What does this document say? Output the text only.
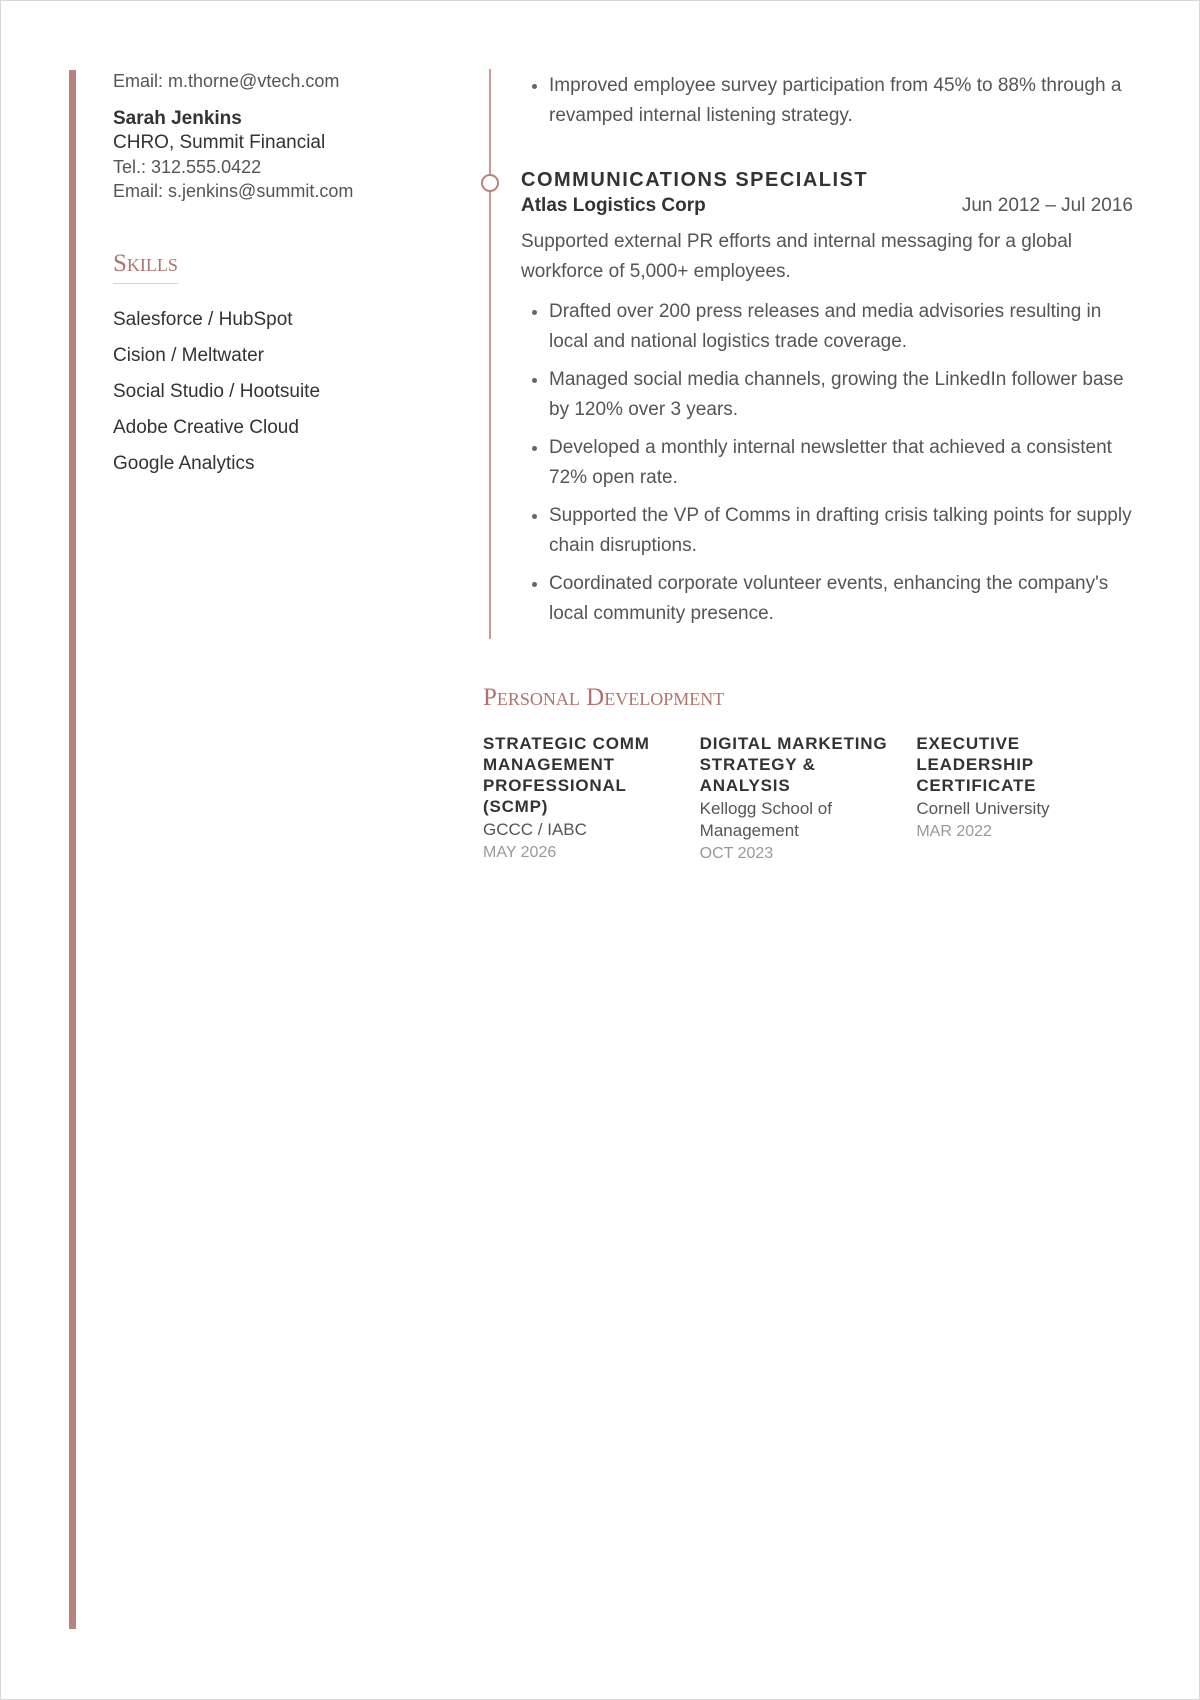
Email: m.thorne@vtech.com
Sarah Jenkins
CHRO, Summit Financial
Tel.: 312.555.0422
Email: s.jenkins@summit.com
Skills
Salesforce / HubSpot
Cision / Meltwater
Social Studio / Hootsuite
Adobe Creative Cloud
Google Analytics
• Improved employee survey participation from 45% to 88% through a revamped internal listening strategy.
COMMUNICATIONS SPECIALIST
Atlas Logistics Corp	Jun 2012 – Jul 2016
Supported external PR efforts and internal messaging for a global workforce of 5,000+ employees.
• Drafted over 200 press releases and media advisories resulting in local and national logistics trade coverage.
• Managed social media channels, growing the LinkedIn follower base by 120% over 3 years.
• Developed a monthly internal newsletter that achieved a consistent 72% open rate.
• Supported the VP of Comms in drafting crisis talking points for supply chain disruptions.
• Coordinated corporate volunteer events, enhancing the company's local community presence.
Personal Development
STRATEGIC COMM MANAGEMENT PROFESSIONAL (SCMP)
GCCC / IABC
MAY 2026
DIGITAL MARKETING STRATEGY & ANALYSIS
Kellogg School of Management
OCT 2023
EXECUTIVE LEADERSHIP CERTIFICATE
Cornell University
MAR 2022
